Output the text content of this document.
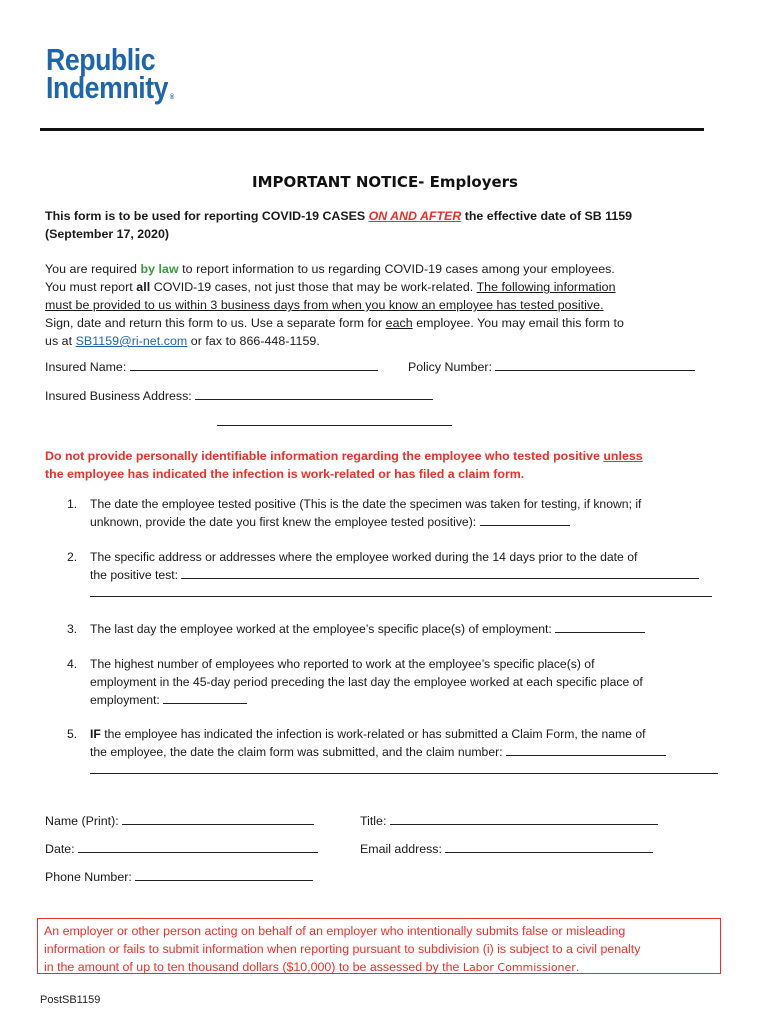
Republic
Indemnity ®
IMPORTANT NOTICE- Employers
This form is to be used for reporting COVID-19 CASES ON AND AFTER the effective date of SB 1159
(September 17, 2020)
You are required by law to report information to us regarding COVID-19 cases among your employees.
You must report all COVID-19 cases, not just those that may be work-related. The following information
must be provided to us within 3 business days from when you know an employee has tested positive.
Sign, date and return this form to us. Use a separate form for each employee. You may email this form to
us at SB1159@ri-net.com or fax to 866-448-1159.
Insured Name:	Policy Number:
Insured Business Address:
Do not provide personally identifiable information regarding the employee who tested positive unless
the employee has indicated the infection is work-related or has filed a claim form.
1. The date the employee tested positive (This is the date the specimen was taken for testing, if known; if
unknown, provide the date you first knew the employee tested positive):
2. The specific address or addresses where the employee worked during the 14 days prior to the date of
the positive test:
3. The last day the employee worked at the employee’s specific place(s) of employment:
4. The highest number of employees who reported to work at the employee’s specific place(s) of
employment in the 45-day period preceding the last day the employee worked at each specific place of
employment:
5. IF the employee has indicated the infection is work-related or has submitted a Claim Form, the name of
the employee, the date the claim form was submitted, and the claim number:
Name (Print):	Title:
Date:	Email address:
Phone Number:
An employer or other person acting on behalf of an employer who intentionally submits false or misleading
information or fails to submit information when reporting pursuant to subdivision (i) is subject to a civil penalty
in the amount of up to ten thousand dollars ($10,000) to be assessed by the Labor Commissioner.
PostSB1159
